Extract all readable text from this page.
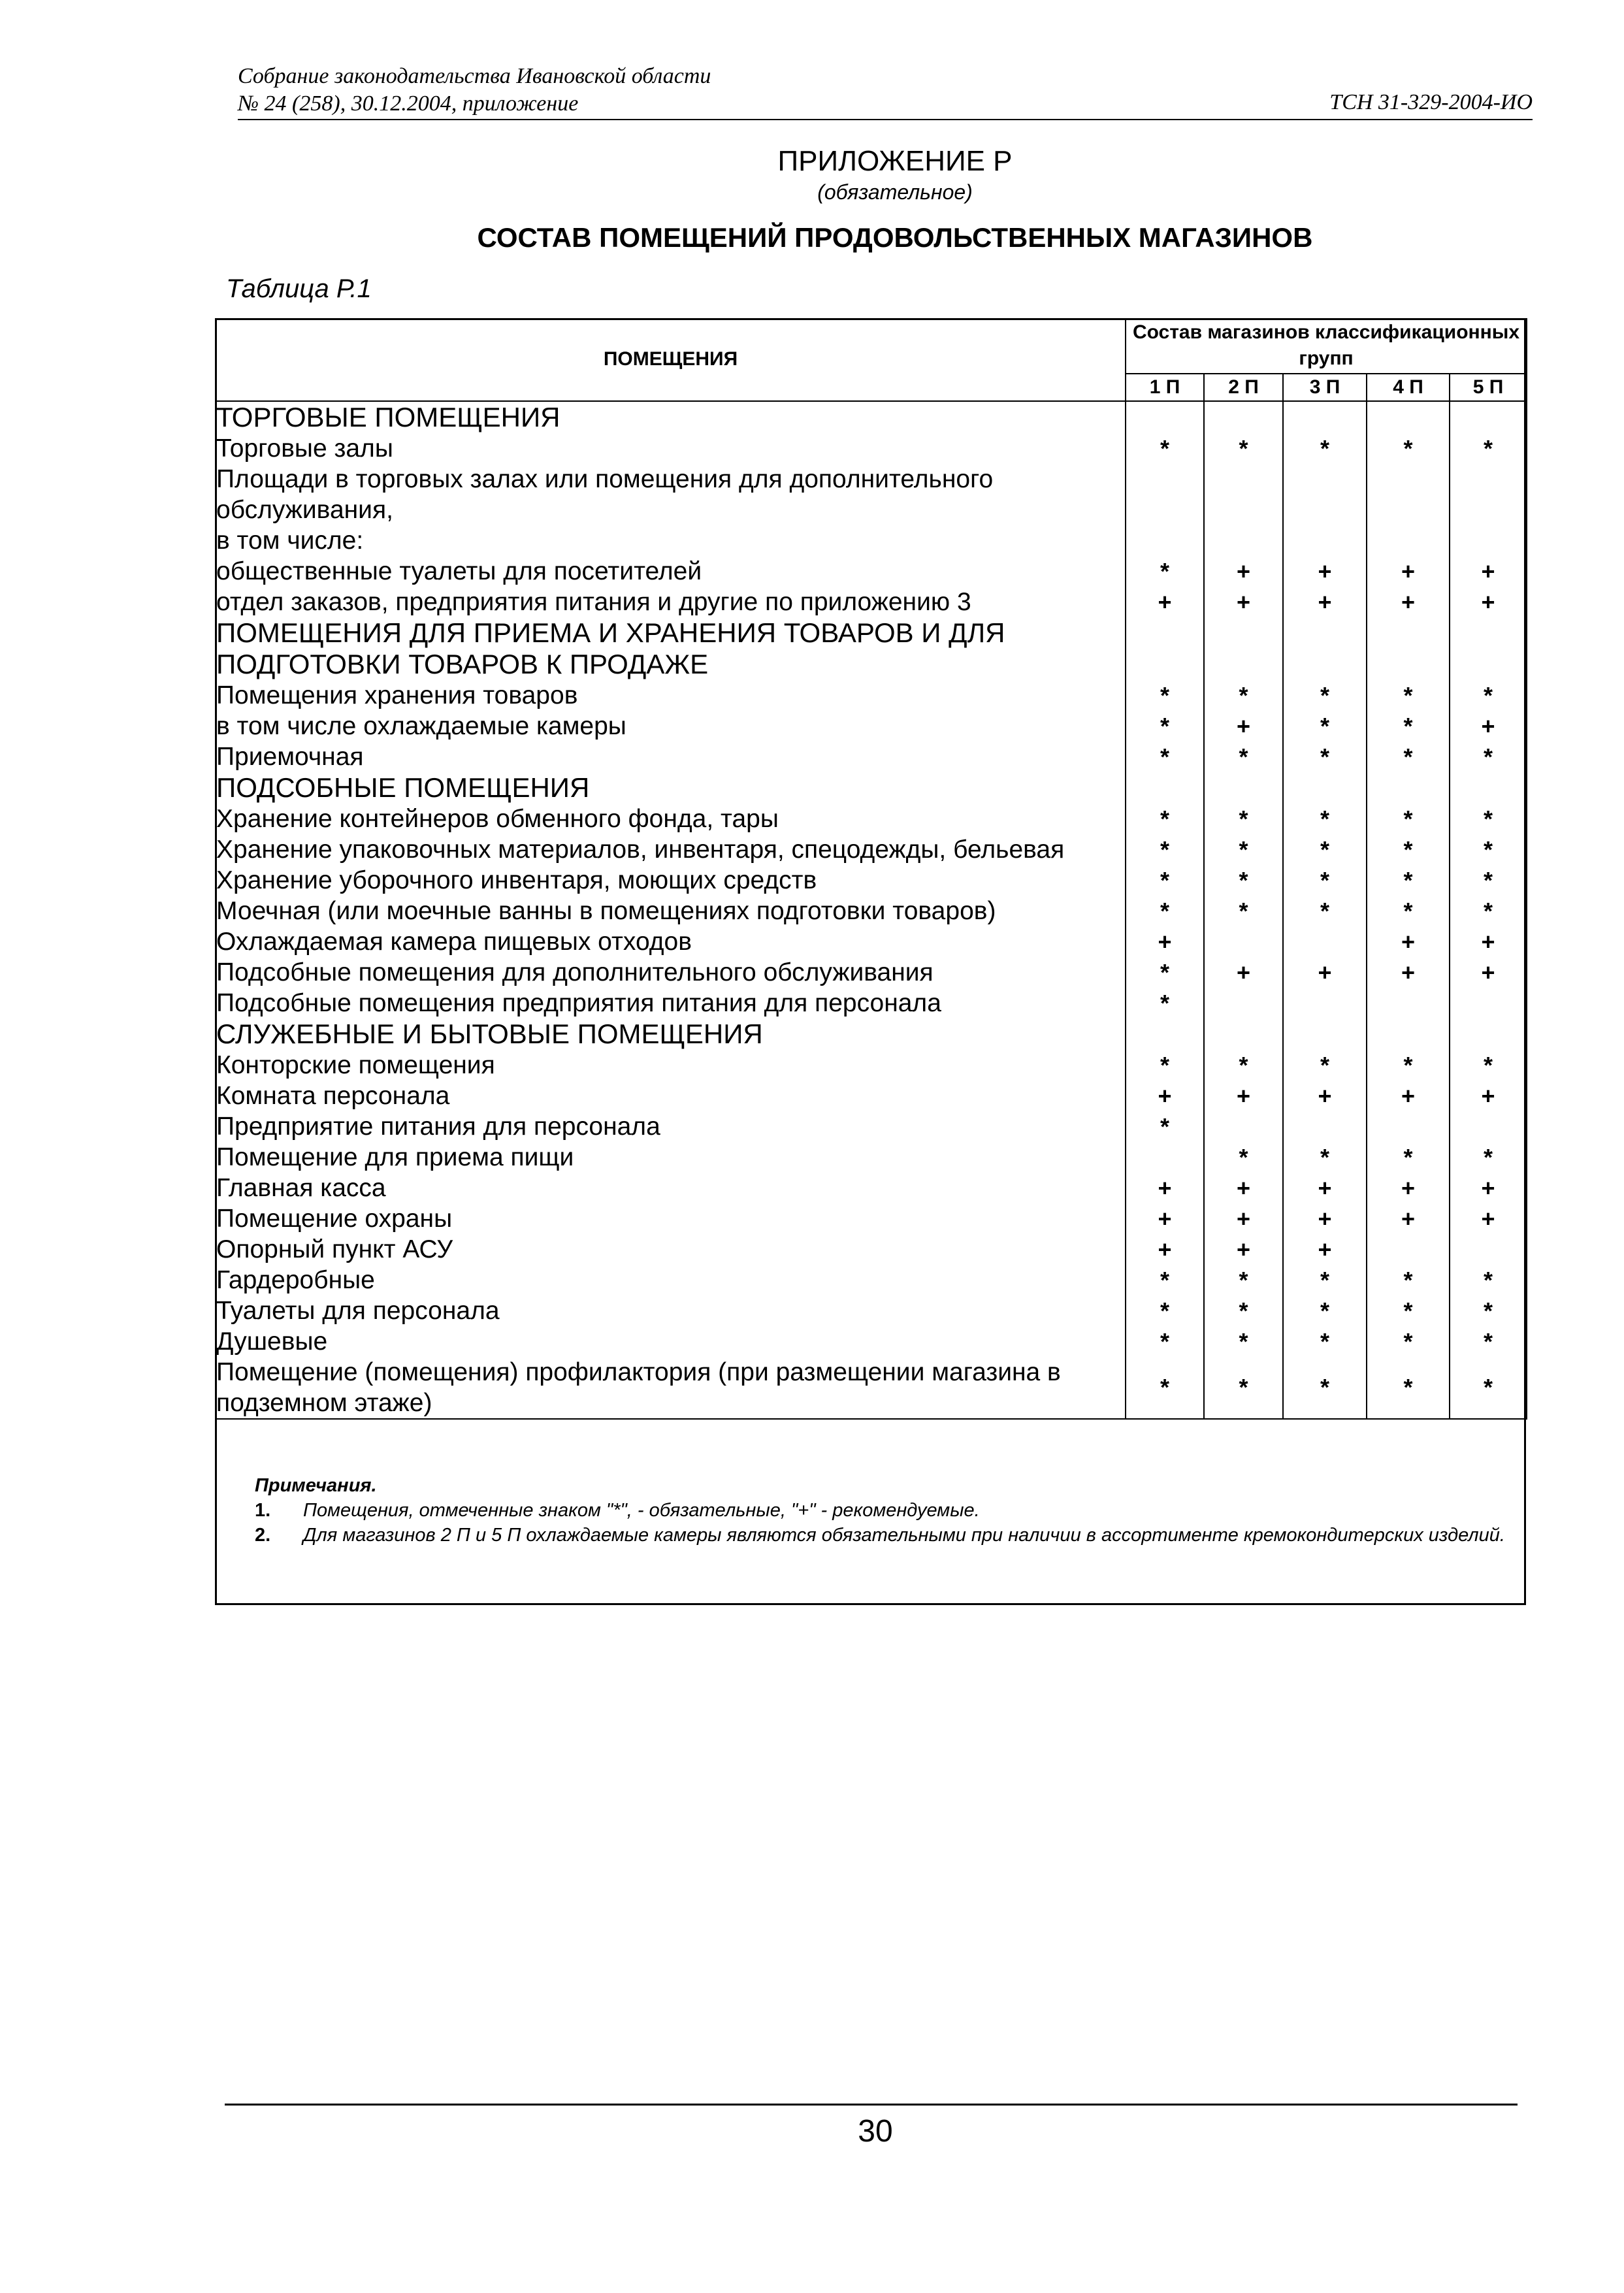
Собрание законодательства Ивановской области
№ 24 (258), 30.12.2004, приложение	ТСН 31-329-2004-ИО
ПРИЛОЖЕНИЕ Р
(обязательное)
СОСТАВ ПОМЕЩЕНИЙ ПРОДОВОЛЬСТВЕННЫХ МАГАЗИНОВ
Таблица Р.1
ПОМЕЩЕНИЯ	Состав магазинов классификационных групп				
	1 П	2 П	3 П	4 П	5 П
ТОРГОВЫЕ ПОМЕЩЕНИЯ					
Торговые залы	*	*	*	*	*
Площади в торговых залах или помещения для дополнительного обслуживания,					
в том числе:					
общественные туалеты для посетителей	*	+	+	+	+
отдел заказов, предприятия питания и другие по приложению 3	+	+	+	+	+
ПОМЕЩЕНИЯ ДЛЯ ПРИЕМА И ХРАНЕНИЯ ТОВАРОВ И ДЛЯ ПОДГОТОВКИ ТОВАРОВ К ПРОДАЖЕ					
Помещения хранения товаров	*	*	*	*	*
в том числе охлаждаемые камеры	*	+	*	*	+
Приемочная	*	*	*	*	*
ПОДСОБНЫЕ ПОМЕЩЕНИЯ					
Хранение контейнеров обменного фонда, тары	*	*	*	*	*
Хранение упаковочных материалов, инвентаря, спецодежды, бельевая	*	*	*	*	*
Хранение уборочного инвентаря, моющих средств	*	*	*	*	*
Моечная (или моечные ванны в помещениях подготовки товаров)	*	*	*	*	*
Охлаждаемая камера пищевых отходов	+			+	+
Подсобные помещения для дополнительного обслуживания	*	+	+	+	+
Подсобные помещения предприятия питания для персонала	*				
СЛУЖЕБНЫЕ И БЫТОВЫЕ ПОМЕЩЕНИЯ					
Конторские помещения	*	*	*	*	*
Комната персонала	+	+	+	+	+
Предприятие питания для персонала	*				
Помещение для приема пищи		*	*	*	*
Главная касса	+	+	+	+	+
Помещение охраны	+	+	+	+	+
Опорный пункт АСУ	+	+	+		
Гардеробные	*	*	*	*	*
Туалеты для персонала	*	*	*	*	*
Душевые	*	*	*	*	*
Помещение (помещения) профилактория (при размещении магазина в подземном этаже)	*	*	*	*	*
Примечания.
1.	Помещения, отмеченные знаком "*", - обязательные, "+" - рекомендуемые.
2.	Для магазинов 2 П и 5 П охлаждаемые камеры являются обязательными при наличии в ассортименте кремокондитерских изделий.
30
